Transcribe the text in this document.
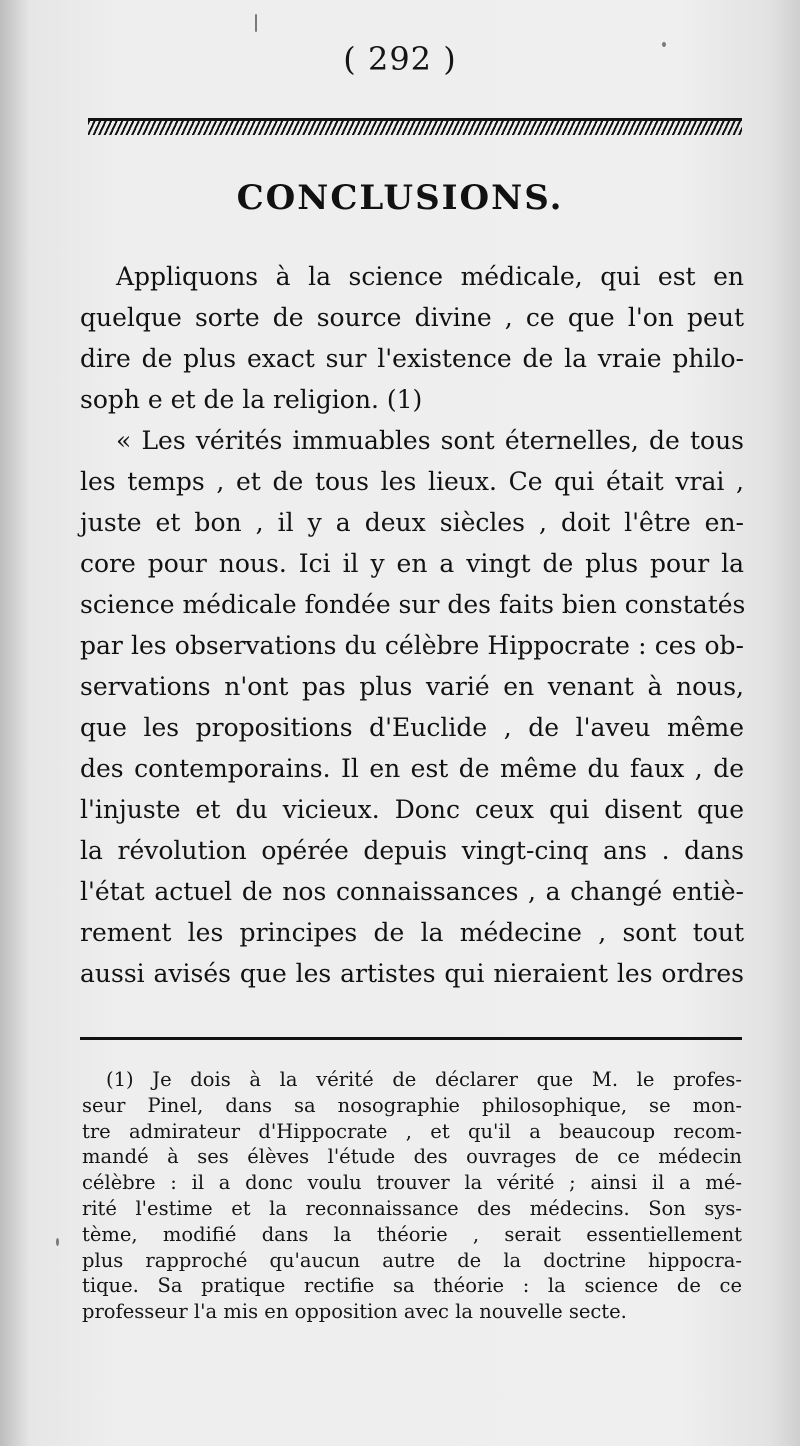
( 292 )
CONCLUSIONS.
Appliquons à la science médicale, qui est en
quelque sorte de source divine , ce que l'on peut
dire de plus exact sur l'existence de la vraie philo-
soph e et de la religion. (1)
« Les vérités immuables sont éternelles, de tous
les temps , et de tous les lieux. Ce qui était vrai ,
juste et bon , il y a deux siècles , doit l'être en-
core pour nous. Ici il y en a vingt de plus pour la
science médicale fondée sur des faits bien constatés
par les observations du célèbre Hippocrate : ces ob-
servations n'ont pas plus varié en venant à nous,
que les propositions d'Euclide , de l'aveu même
des contemporains. Il en est de même du faux , de
l'injuste et du vicieux. Donc ceux qui disent que
la révolution opérée depuis vingt-cinq ans . dans
l'état actuel de nos connaissances , a changé entiè-
rement les principes de la médecine , sont tout
aussi avisés que les artistes qui nieraient les ordres
(1) Je dois à la vérité de déclarer que M. le profes-
seur Pinel, dans sa nosographie philosophique, se mon-
tre admirateur d'Hippocrate , et qu'il a beaucoup recom-
mandé à ses élèves l'étude des ouvrages de ce médecin
célèbre : il a donc voulu trouver la vérité ; ainsi il a mé-
rité l'estime et la reconnaissance des médecins. Son sys-
tème, modifié dans la théorie , serait essentiellement
plus rapproché qu'aucun autre de la doctrine hippocra-
tique. Sa pratique rectifie sa théorie : la science de ce
professeur l'a mis en opposition avec la nouvelle secte.
